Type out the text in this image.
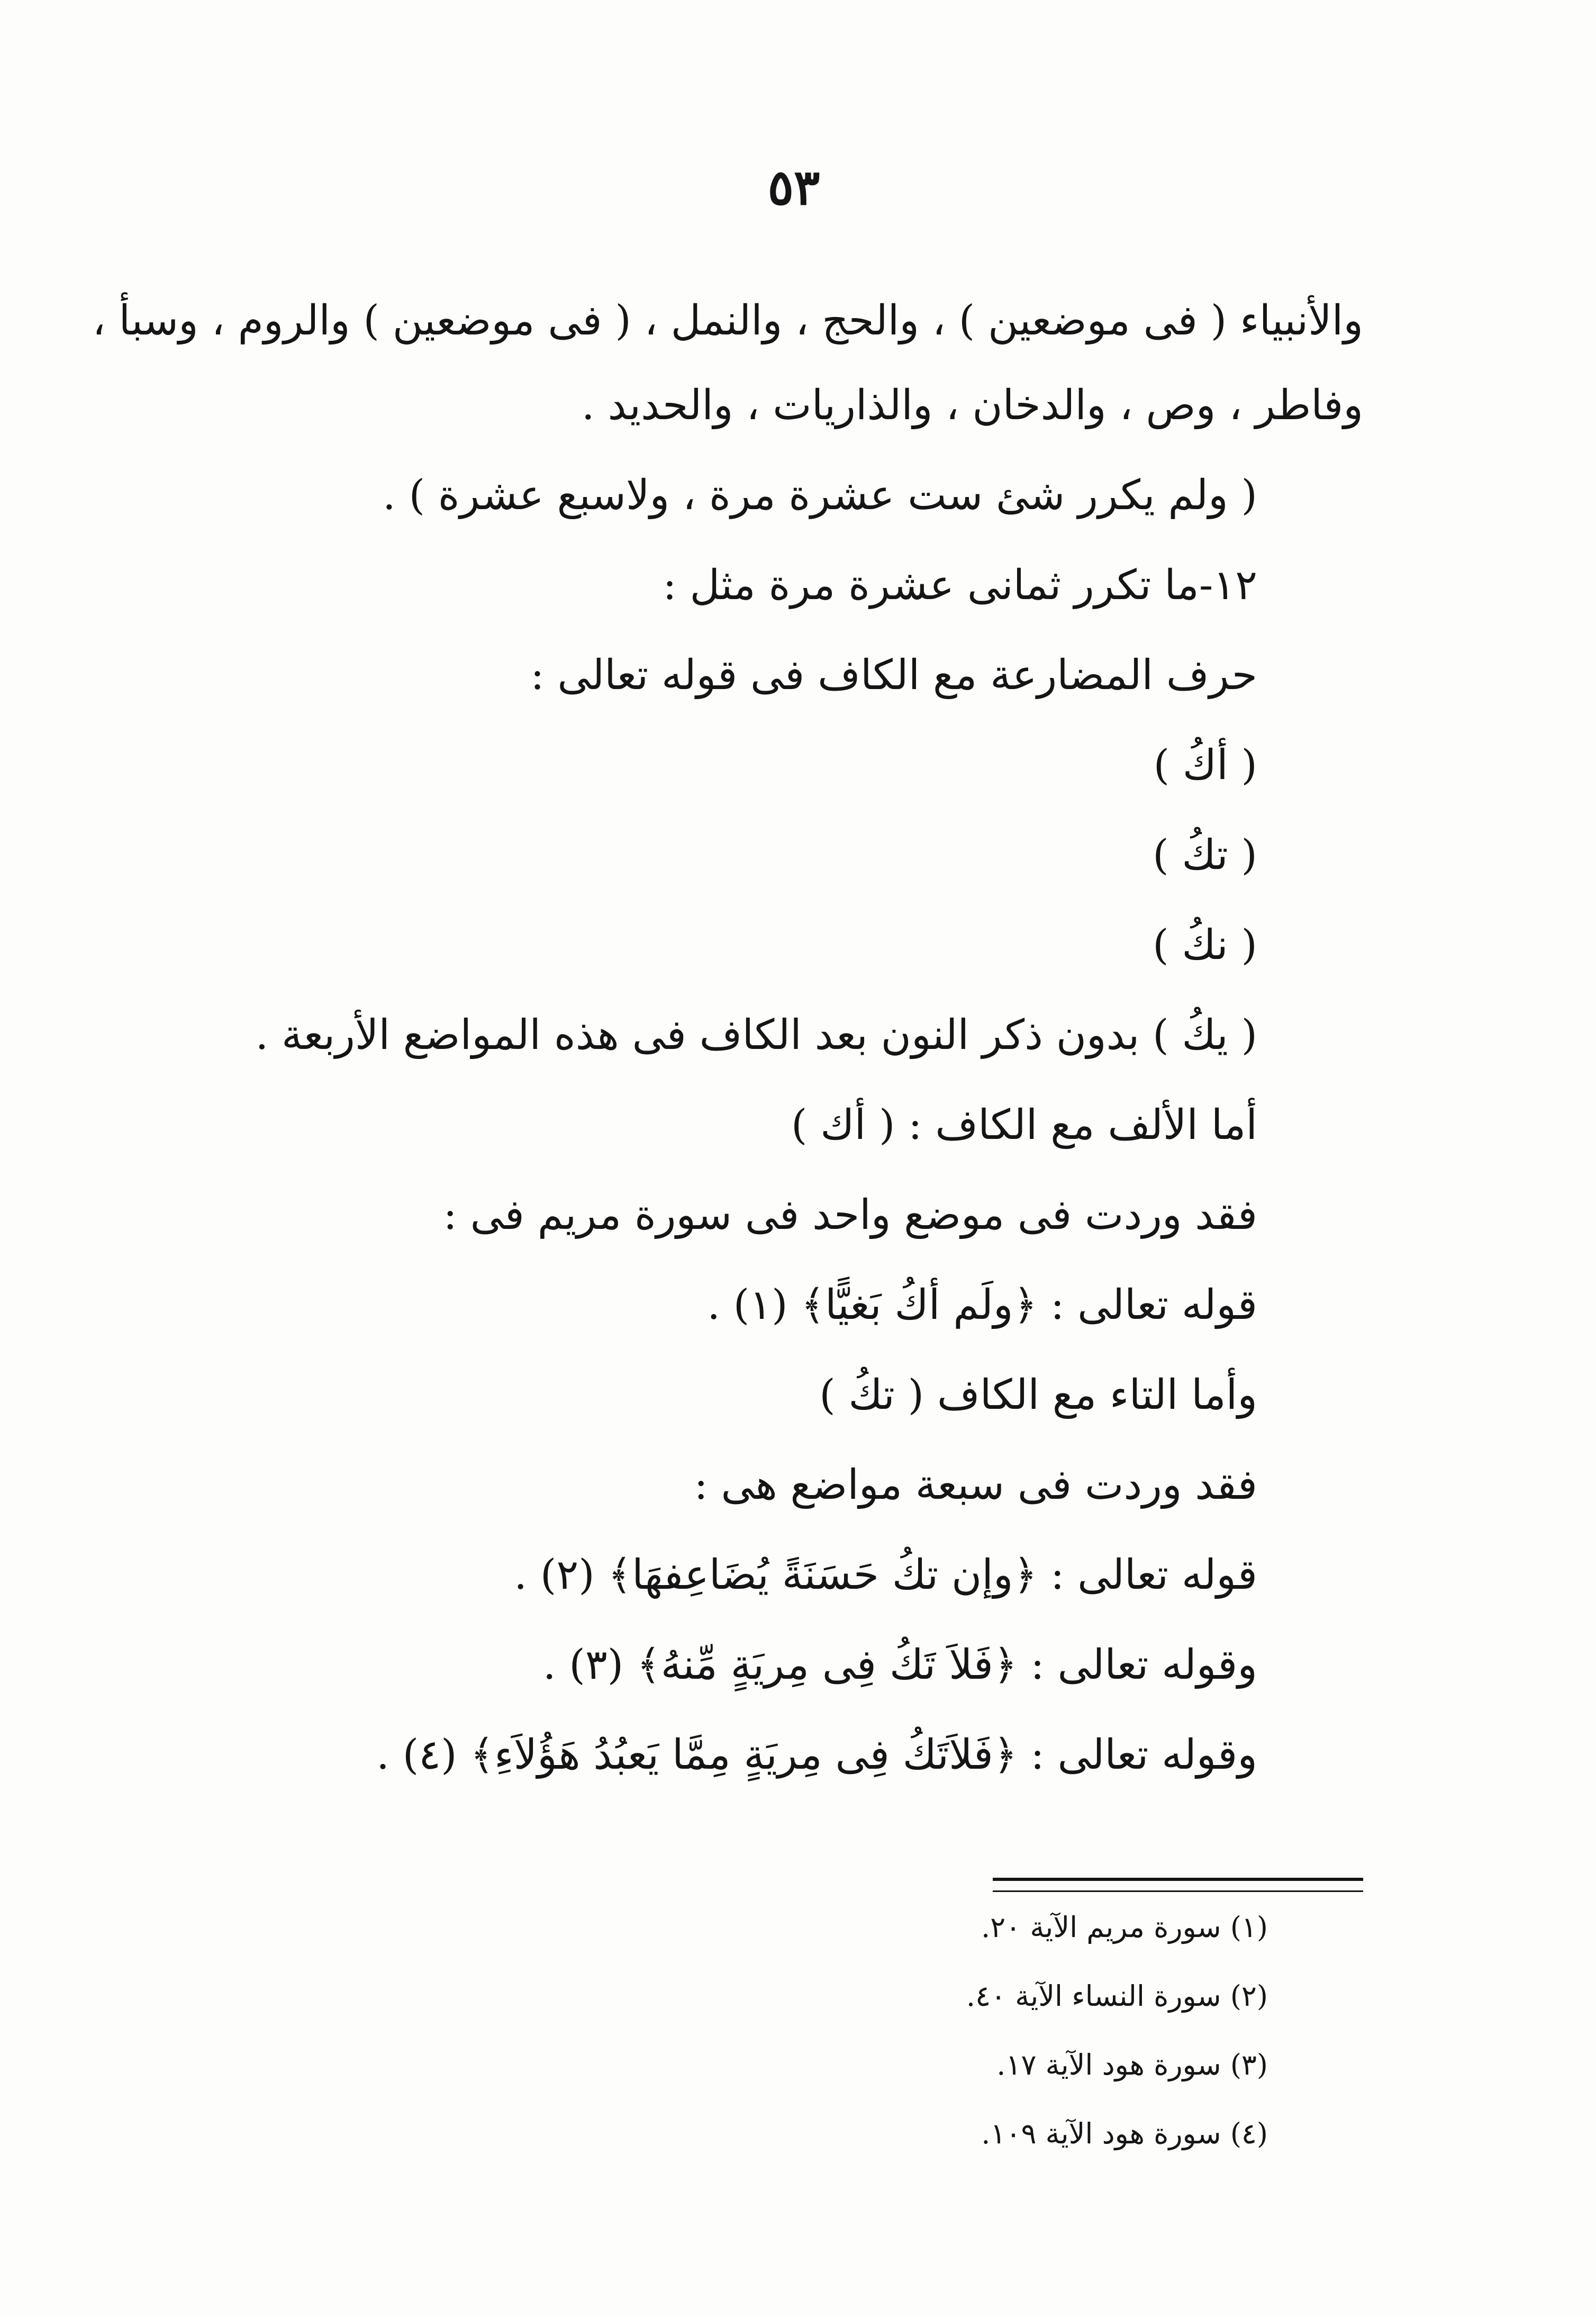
٥٣
والأنبياء ( فى موضعين ) ، والحج ، والنمل ، ( فى موضعين ) والروم ، وسبأ ،
وفاطر ، وص ، والدخان ، والذاريات ، والحديد .
( ولم يكرر شئ ست عشرة مرة ، ولاسبع عشرة ) .
١٢-ما تكرر ثمانى عشرة مرة مثل :
حرف المضارعة مع الكاف فى قوله تعالى :
( أكُ )
( تكُ )
( نكُ )
( يكُ ) بدون ذكر النون بعد الكاف فى هذه المواضع الأربعة .
أما الألف مع الكاف : ( أك )
فقد وردت فى موضع واحد فى سورة مريم فى :
قوله تعالى : ﴿ولَم أكُ بَغيًّا﴾ (١) .
وأما التاء مع الكاف ( تكُ )
فقد وردت فى سبعة مواضع هى :
قوله تعالى : ﴿وإن تكُ حَسَنَةً يُضَاعِفهَا﴾ (٢) .
وقوله تعالى : ﴿فَلاَ تَكُ فِى مِريَةٍ مِّنهُ﴾ (٣) .
وقوله تعالى : ﴿فَلاَتَكُ فِى مِريَةٍ مِمَّا يَعبُدُ هَؤُلاَءِ﴾ (٤) .
(١) سورة مريم الآية ٢٠.
(٢) سورة النساء الآية ٤٠.
(٣) سورة هود الآية ١٧.
(٤) سورة هود الآية ١٠٩.
